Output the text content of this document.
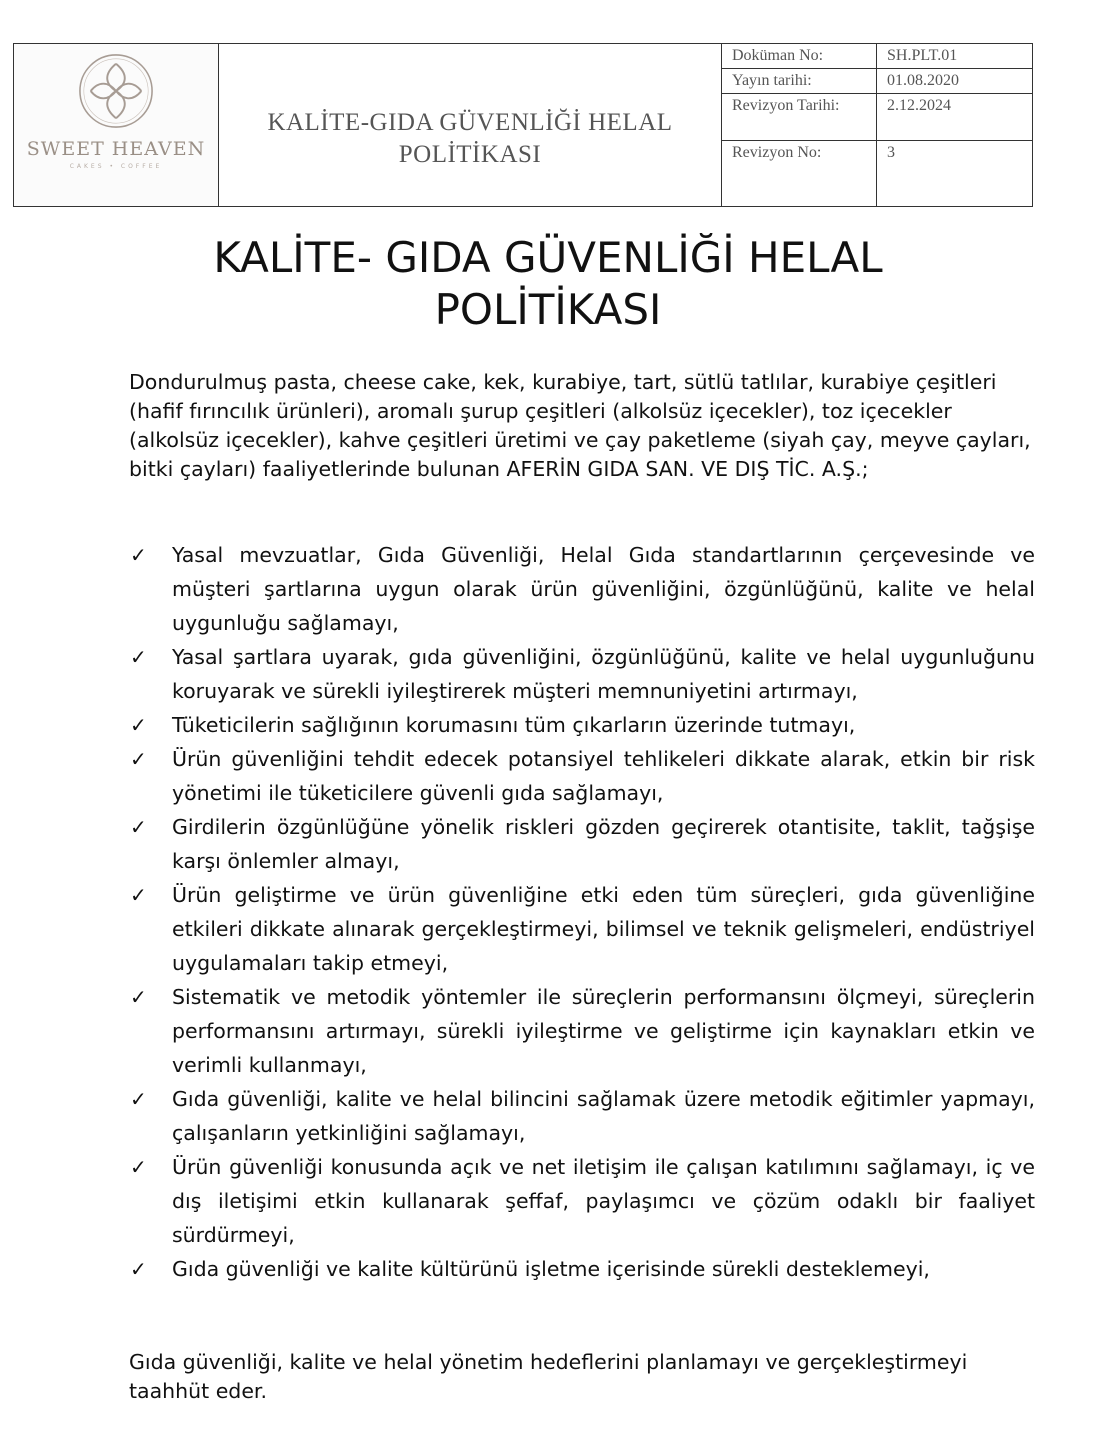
SWEET HEAVEN
CAKES • COFFEE
KALİTE-GIDA GÜVENLİĞİ HELAL
POLİTİKASI
Doküman No:	SH.PLT.01
Yayın tarihi:	01.08.2020
Revizyon Tarihi:	2.12.2024
Revizyon No:	3
KALİTE- GIDA GÜVENLİĞİ HELAL
POLİTİKASI

Dondurulmuş pasta, cheese cake, kek, kurabiye, tart, sütlü tatlılar, kurabiye çeşitleri (hafif fırıncılık ürünleri), aromalı şurup çeşitleri (alkolsüz içecekler), toz içecekler (alkolsüz içecekler), kahve çeşitleri üretimi ve çay paketleme (siyah çay, meyve çayları, bitki çayları) faaliyetlerinde bulunan AFERİN GIDA SAN. VE DIŞ TİC. A.Ş.;

✓	Yasal mevzuatlar, Gıda Güvenliği, Helal Gıda standartlarının çerçevesinde ve müşteri şartlarına uygun olarak ürün güvenliğini, özgünlüğünü, kalite ve helal uygunluğu sağlamayı,
✓	Yasal şartlara uyarak, gıda güvenliğini, özgünlüğünü, kalite ve helal uygunluğunu koruyarak ve sürekli iyileştirerek müşteri memnuniyetini artırmayı,
✓	Tüketicilerin sağlığının korumasını tüm çıkarların üzerinde tutmayı,
✓	Ürün güvenliğini tehdit edecek potansiyel tehlikeleri dikkate alarak, etkin bir risk yönetimi ile tüketicilere güvenli gıda sağlamayı,
✓	Girdilerin özgünlüğüne yönelik riskleri gözden geçirerek otantisite, taklit, tağşişe karşı önlemler almayı,
✓	Ürün geliştirme ve ürün güvenliğine etki eden tüm süreçleri, gıda güvenliğine etkileri dikkate alınarak gerçekleştirmeyi, bilimsel ve teknik gelişmeleri, endüstriyel uygulamaları takip etmeyi,
✓	Sistematik ve metodik yöntemler ile süreçlerin performansını ölçmeyi, süreçlerin performansını artırmayı, sürekli iyileştirme ve geliştirme için kaynakları etkin ve verimli kullanmayı,
✓	Gıda güvenliği, kalite ve helal bilincini sağlamak üzere metodik eğitimler yapmayı, çalışanların yetkinliğini sağlamayı,
✓	Ürün güvenliği konusunda açık ve net iletişim ile çalışan katılımını sağlamayı, iç ve dış iletişimi etkin kullanarak şeffaf, paylaşımcı ve çözüm odaklı bir faaliyet sürdürmeyi,
✓	Gıda güvenliği ve kalite kültürünü işletme içerisinde sürekli desteklemeyi,

Gıda güvenliği, kalite ve helal yönetim hedeflerini planlamayı ve gerçekleştirmeyi taahhüt eder.
